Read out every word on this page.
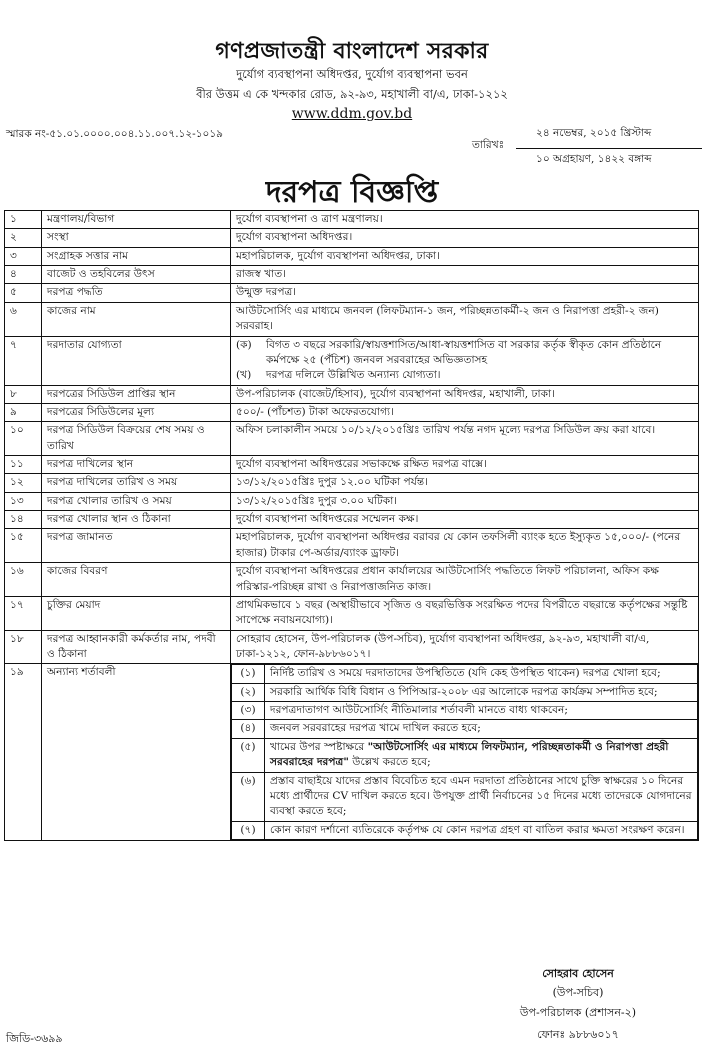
গণপ্রজাতন্ত্রী বাংলাদেশ সরকার
দুর্যোগ ব্যবস্থাপনা অধিদপ্তর, দুর্যোগ ব্যবস্থাপনা ভবন
বীর উত্তম এ কে খন্দকার রোড, ৯২-৯৩, মহাখালী বা/এ, ঢাকা-১২১২
www.ddm.gov.bd
স্মারক নং-৫১.০১.০০০০.০০৪.১১.০০৭.১২-১০১৯	২৪ নভেম্বর, ২০১৫ খ্রিস্টাব্দ
তারিখঃ
১০ অগ্রহায়ণ, ১৪২২ বঙ্গাব্দ
দরপত্র বিজ্ঞপ্তি
১	মন্ত্রণালয়/বিভাগ	দুর্যোগ ব্যবস্থাপনা ও ত্রাণ মন্ত্রণালয়।
২	সংস্থা	দুর্যোগ ব্যবস্থাপনা অধিদপ্তর।
৩	সংগ্রাহক সত্তার নাম	মহাপরিচালক, দুর্যোগ ব্যবস্থাপনা অধিদপ্তর, ঢাকা।
৪	বাজেট ও তহবিলের উৎস	রাজস্ব খাত।
৫	দরপত্র পদ্ধতি	উন্মুক্ত দরপত্র।
৬	কাজের নাম	আউটসোর্সিং এর মাধ্যমে জনবল (লিফটম্যান-১ জন, পরিচ্ছন্নতাকর্মী-২ জন ও নিরাপত্তা প্রহরী-২ জন) সরবরাহ।
৭	দরদাতার যোগ্যতা	(ক)	বিগত ৩ বছরে সরকারি/স্বায়ত্তশাসিত/আধা-স্বায়ত্তশাসিত বা সরকার কর্তৃক স্বীকৃত কোন প্রতিষ্ঠানে কর্মপক্ষে ২৫ (পঁচিশ) জনবল সরবরাহের অভিজ্ঞতাসহ
(খ)	দরপত্র দলিলে উল্লিখিত অন্যান্য যোগ্যতা।

৮	দরপত্রের সিডিউল প্রাপ্তির স্থান	উপ-পরিচালক (বাজেট/হিসাব), দুর্যোগ ব্যবস্থাপনা অধিদপ্তর, মহাখালী, ঢাকা।
৯	দরপত্রের সিডিউলের মূল্য	৫০০/- (পাঁচশত) টাকা অফেরতযোগ্য।
১০	দরপত্র সিডিউল বিক্রয়ের শেষ সময় ও তারিখ	অফিস চলাকালীন সময়ে ১০/১২/২০১৫খ্রিঃ তারিখ পর্যন্ত নগদ মূল্যে দরপত্র সিডিউল ক্রয় করা যাবে।
১১	দরপত্র দাখিলের স্থান	দুর্যোগ ব্যবস্থাপনা অধিদপ্তরের সভাকক্ষে রক্ষিত দরপত্র বাক্সে।
১২	দরপত্র দাখিলের তারিখ ও সময়	১৩/১২/২০১৫খ্রিঃ দুপুর ১২.০০ ঘটিকা পর্যন্ত।
১৩	দরপত্র খোলার তারিখ ও সময়	১৩/১২/২০১৫খ্রিঃ দুপুর ৩.০০ ঘটিকা।
১৪	দরপত্র খোলার স্থান ও ঠিকানা	দুর্যোগ ব্যবস্থাপনা অধিদপ্তরের সম্মেলন কক্ষ।
১৫	দরপত্র জামানত	মহাপরিচালক, দুর্যোগ ব্যবস্থাপনা অধিদপ্তর বরাবর যে কোন তফসিলী ব্যাংক হতে ইস্যুকৃত ১৫,০০০/- (পনের হাজার) টাকার পে-অর্ডার/ব্যাংক ড্রাফট।
১৬	কাজের বিবরণ	দুর্যোগ ব্যবস্থাপনা অধিদপ্তরের প্রধান কার্যালয়ের আউটসোর্সিং পদ্ধতিতে লিফট পরিচালনা, অফিস কক্ষ পরিস্কার-পরিচ্ছন্ন রাখা ও নিরাপত্তাজনিত কাজ।
১৭	চুক্তির মেয়াদ	প্রাথমিকভাবে ১ বছর (অস্থায়ীভাবে সৃজিত ও বছরভিত্তিক সংরক্ষিত পদের বিপরীতে বছরান্তে কর্তৃপক্ষের সন্তুষ্টি সাপেক্ষে নবায়নযোগ্য)।
১৮	দরপত্র আহ্বানকারী কর্মকর্তার নাম, পদবী ও ঠিকানা	সোহরাব হোসেন, উপ-পরিচালক (উপ-সচিব), দুর্যোগ ব্যবস্থাপনা অধিদপ্তর, ৯২-৯৩, মহাখালী বা/এ, ঢাকা-১২১২, ফোন-৯৮৮৬০১৭।
১৯	অন্যান্য শর্তাবলী		(১)	নির্দিষ্ট তারিখ ও সময়ে দরদাতাদের উপস্থিতিতে (যদি কেহ উপস্থিত থাকেন) দরপত্র খোলা হবে;
(২)	সরকারি আর্থিক বিধি বিধান ও পিপিআর-২০০৮ এর আলোকে দরপত্র কার্যক্রম সম্পাদিত হবে;
(৩)	দরপত্রদাতাগণ আউটসোর্সিং নীতিমালার শর্তাবলী মানতে বাধ্য থাকবেন;
(৪)	জনবল সরবরাহের দরপত্র খামে দাখিল করতে হবে;
(৫)	খামের উপর স্পষ্টাক্ষরে "আউটসোর্সিং এর মাধ্যমে লিফটম্যান, পরিচ্ছন্নতাকর্মী ও নিরাপত্তা প্রহরী সরবরাহের দরপত্র" উল্লেখ করতে হবে;
(৬)	প্রস্তাব বাছাইয়ে যাদের প্রস্তাব বিবেচিত হবে এমন দরদাতা প্রতিষ্ঠানের সাথে চুক্তি স্বাক্ষরের ১০ দিনের মধ্যে প্রার্থীদের CV দাখিল করতে হবে। উপযুক্ত প্রার্থী নির্বাচনের ১৫ দিনের মধ্যে তাদেরকে যোগদানের ব্যবস্থা করতে হবে;
(৭)	কোন কারণ দর্শানো ব্যতিরেকে কর্তৃপক্ষ যে কোন দরপত্র গ্রহণ বা বাতিল করার ক্ষমতা সংরক্ষণ করেন।
সোহরাব হোসেন
(উপ-সচিব)
উপ-পরিচালক (প্রশাসন-২)
ফোনঃ ৯৮৮৬০১৭
জিডি-৩৬৯৯
